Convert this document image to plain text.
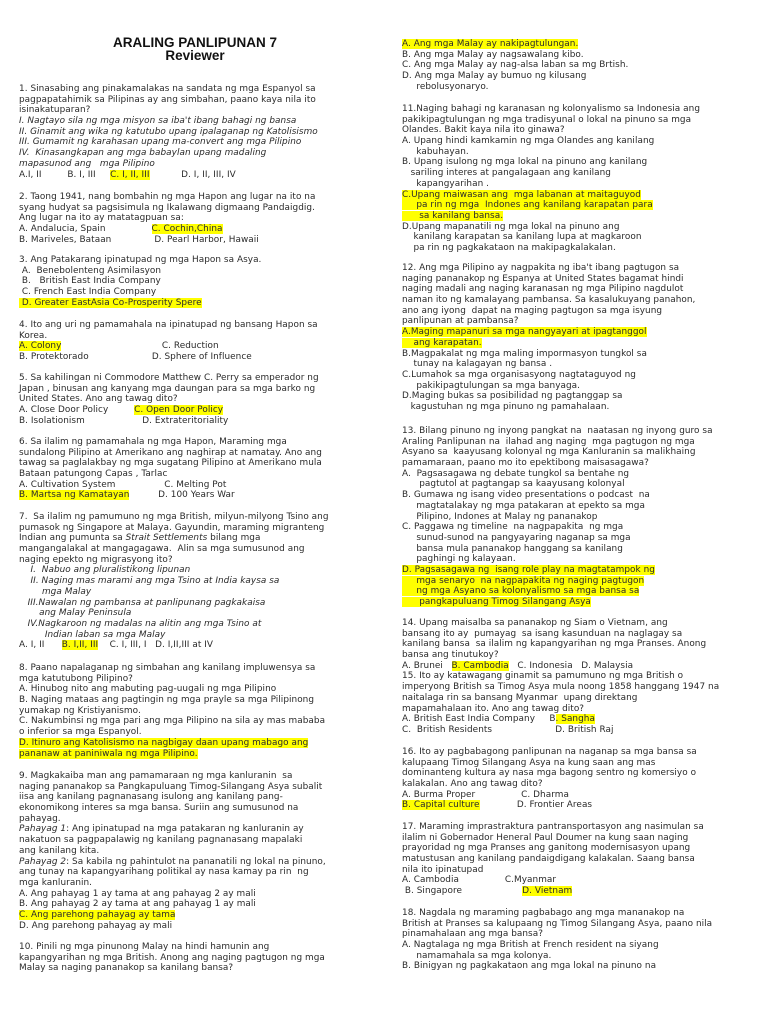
ARALING PANLIPUNAN 7
Reviewer
1. Sinasabing ang pinakamalakas na sandata ng mga Espanyol sa
pagpapatahimik sa Pilipinas ay ang simbahan, paano kaya nila ito
isinakatuparan?
I. Nagtayo sila ng mga misyon sa iba't ibang bahagi ng bansa
II. Ginamit ang wika ng katutubo upang ipalaganap ng Katolisismo
III. Gumamit ng karahasan upang ma-convert ang mga Pilipino
IV.  Kinasangkapan ang mga babaylan upang madaling
mapasunod ang   mga Pilipino
A.I, II         B. I, III     C. I, II, III           D. I, II, III, IV
2. Taong 1941, nang bombahin ng mga Hapon ang lugar na ito na
syang hudyat sa pagsisimula ng Ikalawang digmaang Pandaigdig.
Ang lugar na ito ay matatagpuan sa:
A. Andalucia, Spain                C. Cochin,China
B. Mariveles, Bataan               D. Pearl Harbor, Hawaii
3. Ang Patakarang ipinatupad ng mga Hapon sa Asya.
A.  Benebolenteng Asimilasyon
B.   British East India Company
C. French East India Company
D. Greater EastAsia Co-Prosperity Spere
4. Ito ang uri ng pamamahala na ipinatupad ng bansang Hapon sa
Korea.
A. Colony                                   C. Reduction
B. Protektorado                      D. Sphere of Influence
5. Sa kahilingan ni Commodore Matthew C. Perry sa emperador ng
Japan , binusan ang kanyang mga daungan para sa mga barko ng
United States. Ano ang tawag dito?
A. Close Door Policy         C. Open Door Policy
B. Isolationism                    D. Extrateritoriality
6. Sa ilalim ng pamamahala ng mga Hapon, Maraming mga
sundalong Pilipino at Amerikano ang naghirap at namatay. Ano ang
tawag sa paglalakbay ng mga sugatang Pilipino at Amerikano mula
Bataan patungong Capas , Tarlac
A. Cultivation System                 C. Melting Pot
B. Martsa ng Kamatayan          D. 100 Years War
7.  Sa ilalim ng pamumuno ng mga British, milyun-milyong Tsino ang
pumasok ng Singapore at Malaya. Gayundin, maraming migranteng
Indian ang pumunta sa Strait Settlements bilang mga
mangangalakal at mangagagawa.  Alin sa mga sumusunod ang
naging epekto ng migrasyong ito?
I.  Nabuo ang pluralistikong lipunan
II. Naging mas marami ang mga Tsino at India kaysa sa
mga Malay
III.Nawalan ng pambansa at panlipunang pagkakaisa
ang Malay Peninsula
IV.Nagkaroon ng madalas na alitin ang mga Tsino at
Indian laban sa mga Malay
A. I, II      B. I,II, III    C. I, III, I   D. I,II,III at IV
8. Paano napalaganap ng simbahan ang kanilang impluwensya sa
mga katutubong Pilipino?
A. Hinubog nito ang mabuting pag-uugali ng mga Pilipino
B. Naging mataas ang pagtingin ng mga prayle sa mga Pilipinong
yumakap ng Kristiyanismo.
C. Nakumbinsi ng mga pari ang mga Pilipino na sila ay mas mababa
o inferior sa mga Espanyol.
D. Itinuro ang Katolisismo na nagbigay daan upang mabago ang
pananaw at paniniwala ng mga Pilipino.
9. Magkakaiba man ang pamamaraan ng mga kanluranin  sa
naging pananakop sa Pangkapuluang Timog-Silangang Asya subalit
iisa ang kanilang pagnanasang isulong ang kanilang pang-
ekonomikong interes sa mga bansa. Suriin ang sumusunod na
pahayag.
Pahayag 1: Ang ipinatupad na mga patakaran ng kanluranin ay
nakatuon sa pagpapalawig ng kanilang pagnanasang mapalaki
ang kanilang kita.
Pahayag 2: Sa kabila ng pahintulot na pananatili ng lokal na pinuno,
ang tunay na kapangyarihang politikal ay nasa kamay pa rin  ng
mga kanluranin.
A. Ang pahayag 1 ay tama at ang pahayag 2 ay mali
B. Ang pahayag 2 ay tama at ang pahayag 1 ay mali
C. Ang parehong pahayag ay tama
D. Ang parehong pahayag ay mali
10. Pinili ng mga pinunong Malay na hindi hamunin ang
kapangyarihan ng mga British. Anong ang naging pagtugon ng mga
Malay sa naging pananakop sa kanilang bansa?
A. Ang mga Malay ay nakipagtulungan.
B. Ang mga Malay ay nagsawalang kibo.
C. Ang mga Malay ay nag-alsa laban sa mg Brtish.
D. Ang mga Malay ay bumuo ng kilusang
rebolusyonaryo.
11.Naging bahagi ng karanasan ng kolonyalismo sa Indonesia ang
pakikipagtulungan ng mga tradisyunal o lokal na pinuno sa mga
Olandes. Bakit kaya nila ito ginawa?
A. Upang hindi kamkamin ng mga Olandes ang kanilang
kabuhayan.
B. Upang isulong ng mga lokal na pinuno ang kanilang
sariling interes at pangalagaan ang kanilang
kapangyarihan .
C.Upang maiwasan ang  mga labanan at maitaguyod
pa rin ng mga  Indones ang kanilang karapatan para
sa kanilang bansa.
D.Upang mapanatili ng mga lokal na pinuno ang
kanilang karapatan sa kanilang lupa at magkaroon
pa rin ng pagkakataon na makipagkalakalan.
12. Ang mga Pilipino ay nagpakita ng iba't ibang pagtugon sa
naging pananakop ng Espanya at United States bagamat hindi
naging madali ang naging karanasan ng mga Pilipino nagdulot
naman ito ng kamalayang pambansa. Sa kasalukuyang panahon,
ano ang iyong  dapat na maging pagtugon sa mga isyung
panlipunan at pambansa?
A.Maging mapanuri sa mga nangyayari at ipagtanggol
ang karapatan.
B.Magpakalat ng mga maling impormasyon tungkol sa
tunay na kalagayan ng bansa .
C.Lumahok sa mga organisasyong nagtataguyod ng
pakikipagtulungan sa mga banyaga.
D.Maging bukas sa posibilidad ng pagtanggap sa
kagustuhan ng mga pinuno ng pamahalaan.
13. Bilang pinuno ng inyong pangkat na  naatasan ng inyong guro sa
Araling Panlipunan na  ilahad ang naging  mga pagtugon ng mga
Asyano sa  kaayusang kolonyal ng mga Kanluranin sa malikhaing
pamamaraan, paano mo ito epektibong maisasagawa?
A.  Pagsasagawa ng debate tungkol sa bentahe ng
pagtutol at pagtangap sa kaayusang kolonyal
B. Gumawa ng isang video presentations o podcast  na
magtatalakay ng mga patakaran at epekto sa mga
Pilipino, Indones at Malay ng pananakop
C. Paggawa ng timeline  na nagpapakita  ng mga
sunud-sunod na pangyayaring naganap sa mga
bansa mula pananakop hanggang sa kanilang
paghingi ng kalayaan.
D. Pagsasagawa ng  isang role play na magtatampok ng
mga senaryo  na nagpapakita ng naging pagtugon
ng mga Asyano sa kolonyalismo sa mga bansa sa
pangkapuluang Timog Silangang Asya
14. Upang maisalba sa pananakop ng Siam o Vietnam, ang
bansang ito ay  pumayag  sa isang kasunduan na naglagay sa
kanilang bansa  sa ilalim ng kapangyarihan ng mga Pranses. Anong
bansa ang tinutukoy?
A. Brunei   B. Cambodia   C. Indonesia   D. Malaysia
15. Ito ay katawagang ginamit sa pamumuno ng mga British o
imperyong British sa Timog Asya mula noong 1858 hanggang 1947 na
naitalaga rin sa bansang Myanmar  upang direktang
mapamahalaan ito. Ano ang tawag dito?
A. British East India Company     B. Sangha
C.  British Residents                      D. British Raj
16. Ito ay pagbabagong panlipunan na naganap sa mga bansa sa
kalupaang Timog Silangang Asya na kung saan ang mas
dominanteng kultura ay nasa mga bagong sentro ng komersiyo o
kalakalan. Ano ang tawag dito?
A. Burma Proper                C. Dharma
B. Capital culture             D. Frontier Areas
17. Maraming imprastraktura pantransportasyon ang nasimulan sa
ilalim ni Gobernador Heneral Paul Doumer na kung saan naging
prayoridad ng mga Pranses ang ganitong modernisasyon upang
matustusan ang kanilang pandaigdigang kalakalan. Saang bansa
nila ito ipinatupad
A. Cambodia                C.Myanmar
B. Singapore                     D. Vietnam
18. Nagdala ng maraming pagbabago ang mga mananakop na
British at Pranses sa kalupaang ng Timog Silangang Asya, paano nila
pinamahalaan ang mga bansa?
A. Nagtalaga ng mga British at French resident na siyang
namamahala sa mga kolonya.
B. Binigyan ng pagkakataon ang mga lokal na pinuno na
